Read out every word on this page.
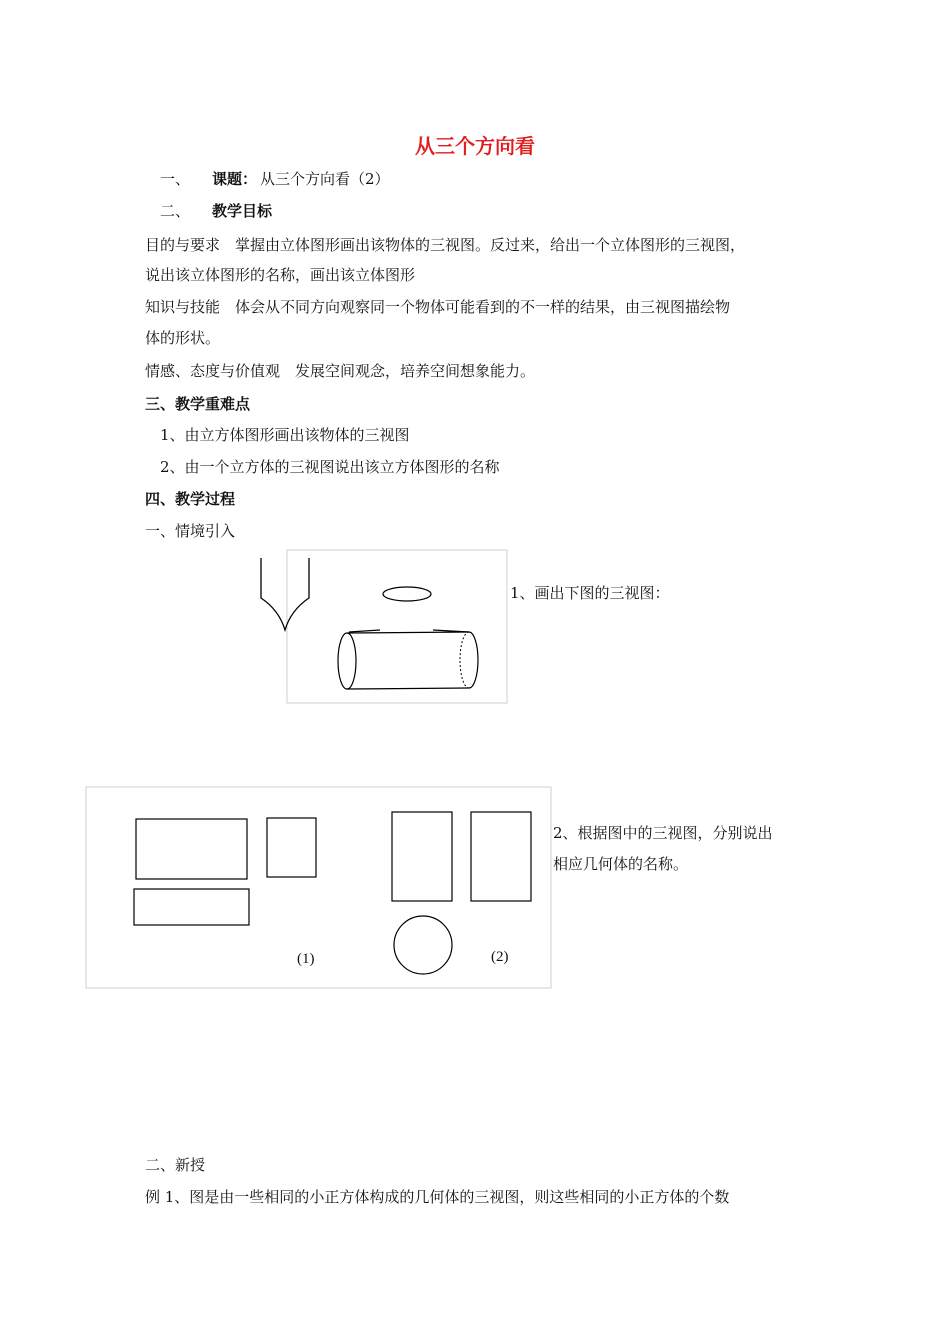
从三个方向看
一、 课题： 从三个方向看（2）
二、 教学目标
目的与要求　掌握由立体图形画出该物体的三视图。反过来，给出一个立体图形的三视图，
说出该立体图形的名称，画出该立体图形
知识与技能　体会从不同方向观察同一个物体可能看到的不一样的结果，由三视图描绘物
体的形状。
情感、态度与价值观　发展空间观念，培养空间想象能力。
三、教学重难点
1、由立方体图形画出该物体的三视图
2、由一个立方体的三视图说出该立方体图形的名称
四、教学过程
一、情境引入
1、画出下图的三视图：
(1)	(2)
2、根据图中的三视图，分别说出
相应几何体的名称。
二、新授
例 1、图是由一些相同的小正方体构成的几何体的三视图，则这些相同的小正方体的个数
